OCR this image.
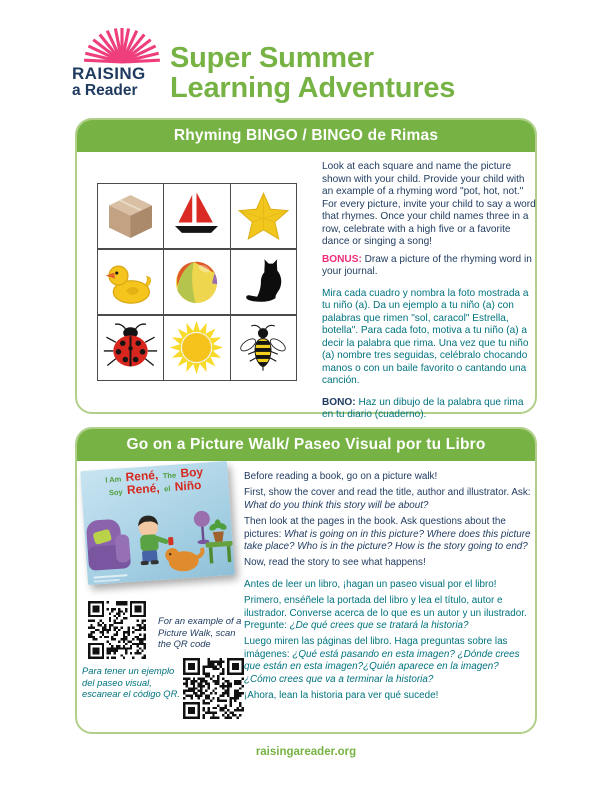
RAISING
a Reader
Super Summer
Learning Adventures
Rhyming BINGO / BINGO de Rimas

Look at each square and name the picture shown with your child. Provide your child with an example of a rhyming word "pot, hot, not." For every picture, invite your child to say a word that rhymes. Once your child names three in a row, celebrate with a high five or a favorite dance or singing a song!

BONUS: Draw a picture of the rhyming word in your journal.

Mira cada cuadro y nombra la foto mostrada a tu niño (a). Da un ejemplo a tu niño (a) con palabras que rimen "sol, caracol" Estrella, botella". Para cada foto, motiva a tu niño (a) a decir la palabra que rima. Una vez que tu niño (a) nombre tres seguidas, celébralo chocando manos o con un baile favorito o cantando una canción.

BONO: Haz un dibujo de la palabra que rima en tu diario (cuaderno).

Go on a Picture Walk/ Paseo Visual por tu Libro
I Am René, The Boy
Soy René, el Niño

Before reading a book, go on a picture walk!

First, show the cover and read the title, author and illustrator. Ask: What do you think this story will be about?

Then look at the pages in the book. Ask questions about the pictures: What is going on in this picture? Where does this picture take place? Who is in the picture? How is the story going to end?

Now, read the story to see what happens!

Antes de leer un libro, ¡hagan un paseo visual por el libro!

Primero, enséñele la portada del libro y lea el título, autor e ilustrador. Converse acerca de lo que es un autor y un ilustrador. Pregunte: ¿De qué crees que se tratará la historia?

Luego miren las páginas del libro. Haga preguntas sobre las imágenes: ¿Qué está pasando en esta imagen? ¿Dónde crees que están en esta imagen?¿Quién aparece en la imagen? ¿Cómo crees que va a terminar la historia?

¡Ahora, lean la historia para ver qué sucede!

For an example of a Picture Walk, scan the QR code
Para tener un ejemplo del paseo visual, escanear el código QR.
raisingareader.org
